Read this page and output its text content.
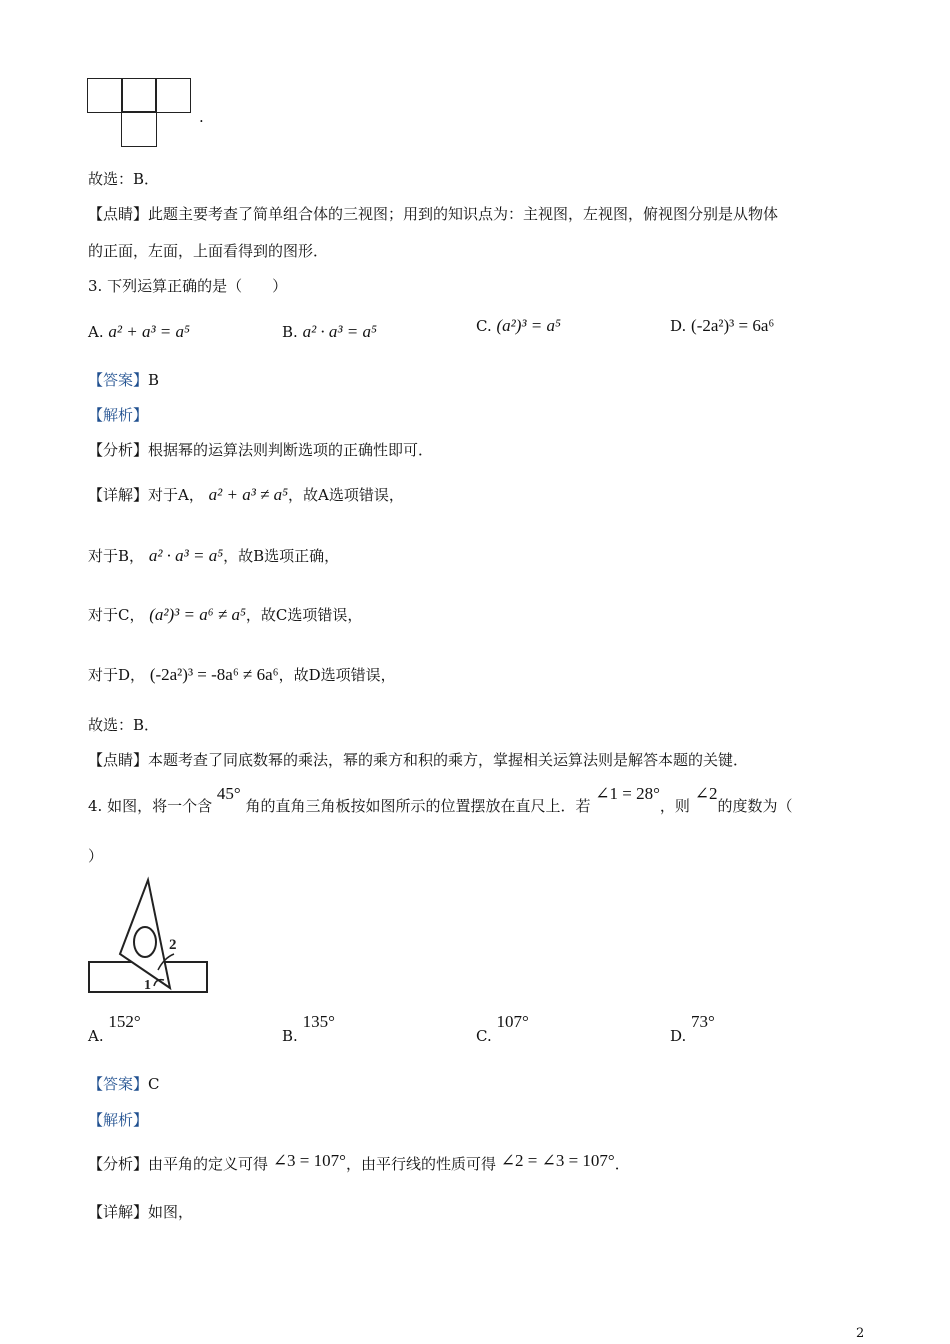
.
故选：B．
【点睛】此题主要考查了简单组合体的三视图；用到的知识点为：主视图，左视图，俯视图分别是从物体
的正面，左面，上面看得到的图形．
3. 下列运算正确的是（　　）
A. a² + a³ = a⁵	B. a² · a³ = a⁵	C. (a²)³ = a⁵	D. (-2a²)³ = 6a⁶
【答案】B
【解析】
【分析】根据幂的运算法则判断选项的正确性即可．
【详解】对于A， a² + a³ ≠ a⁵，故A选项错误，
对于B， a² · a³ = a⁵，故B选项正确，
对于C， (a²)³ = a⁶ ≠ a⁵，故C选项错误，
对于D， (-2a²)³ = -8a⁶ ≠ 6a⁶，故D选项错误，
故选：B．
【点睛】本题考查了同底数幂的乘法，幂的乘方和积的乘方，掌握相关运算法则是解答本题的关键．
4. 如图，将一个含 45° 角的直角三角板按如图所示的位置摆放在直尺上．若 ∠1 = 28°，则 ∠2的度数为（
）
2
1
A. 152°
B. 135°
C. 107°
D. 73°
【答案】C
【解析】
【分析】由平角的定义可得 ∠3 = 107°，由平行线的性质可得 ∠2 = ∠3 = 107°．
【详解】如图，
2
